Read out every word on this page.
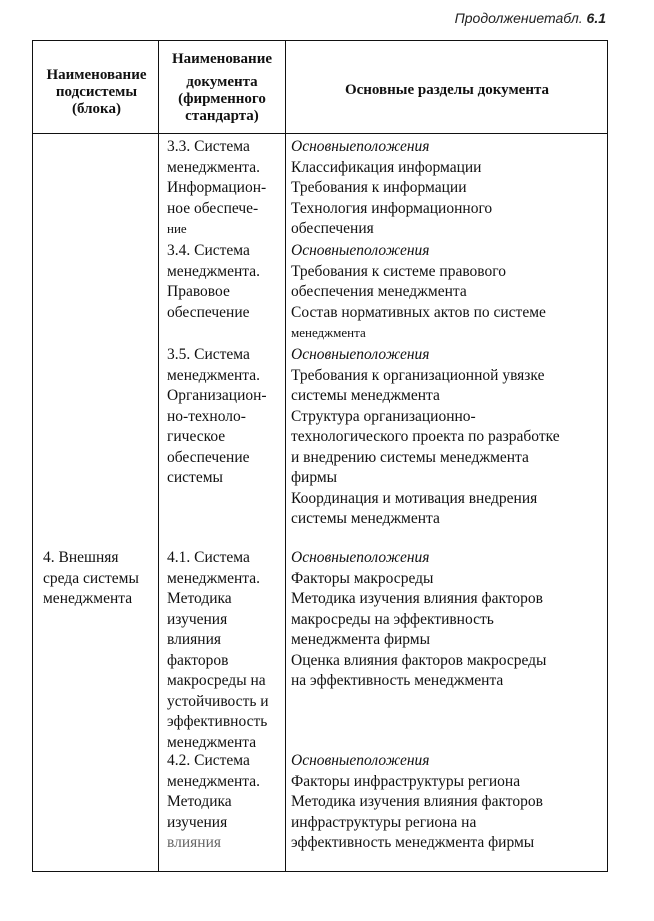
Продолжениетабл. 6.1
Наименование
подсистемы
(блока)
Наименование
документа
(фирменного
стандарта)
Основные разделы документа
3.3. Система
менеджмента.
Информацион-
ное обеспече-
ние
Основныеположения
Классификация информации
Требования к информации
Технология информационного
обеспечения
3.4. Система
менеджмента.
Правовое
обеспечение
Основныеположения
Требования к системе правового
обеспечения менеджмента
Состав нормативных актов по системе
менеджмента
3.5. Система
менеджмента.
Организацион-
но-техноло-
гическое
обеспечение
системы
Основныеположения
Требования к организационной увязке
системы менеджмента
Структура организационно-
технологического проекта по разработке
и внедрению системы менеджмента
фирмы
Координация и мотивация внедрения
системы менеджмента
4. Внешняя
среда системы
менеджмента
4.1. Система
менеджмента.
Методика
изучения
влияния
факторов
макросреды на
устойчивость и
эффективность
менеджмента
Основныеположения
Факторы макросреды
Методика изучения влияния факторов
макросреды на эффективность
менеджмента фирмы
Оценка влияния факторов макросреды
на эффективность менеджмента
4.2. Система
менеджмента.
Методика
изучения
влияния
Основныеположения
Факторы инфраструктуры региона
Методика изучения влияния факторов
инфраструктуры региона на
эффективность менеджмента фирмы
